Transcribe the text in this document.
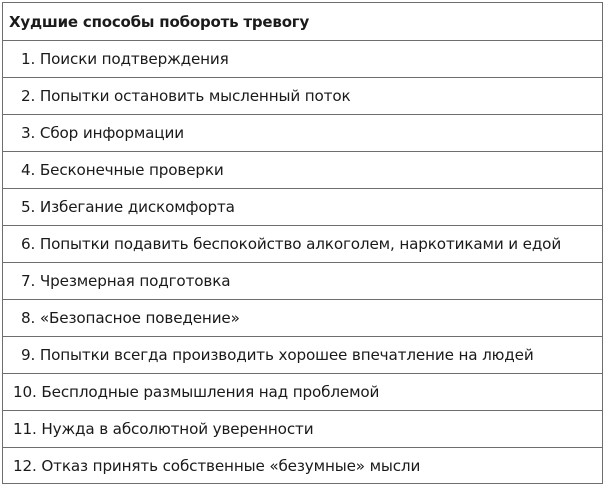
Худшие способы побороть тревогу
1. Поиски подтверждения
2. Попытки остановить мысленный поток
3. Сбор информации
4. Бесконечные проверки
5. Избегание дискомфорта
6. Попытки подавить беспокойство алкоголем, наркотиками и едой
7. Чрезмерная подготовка
8. «Безопасное поведение»
9. Попытки всегда производить хорошее впечатление на людей
10. Бесплодные размышления над проблемой
11. Нужда в абсолютной уверенности
12. Отказ принять собственные «безумные» мысли
